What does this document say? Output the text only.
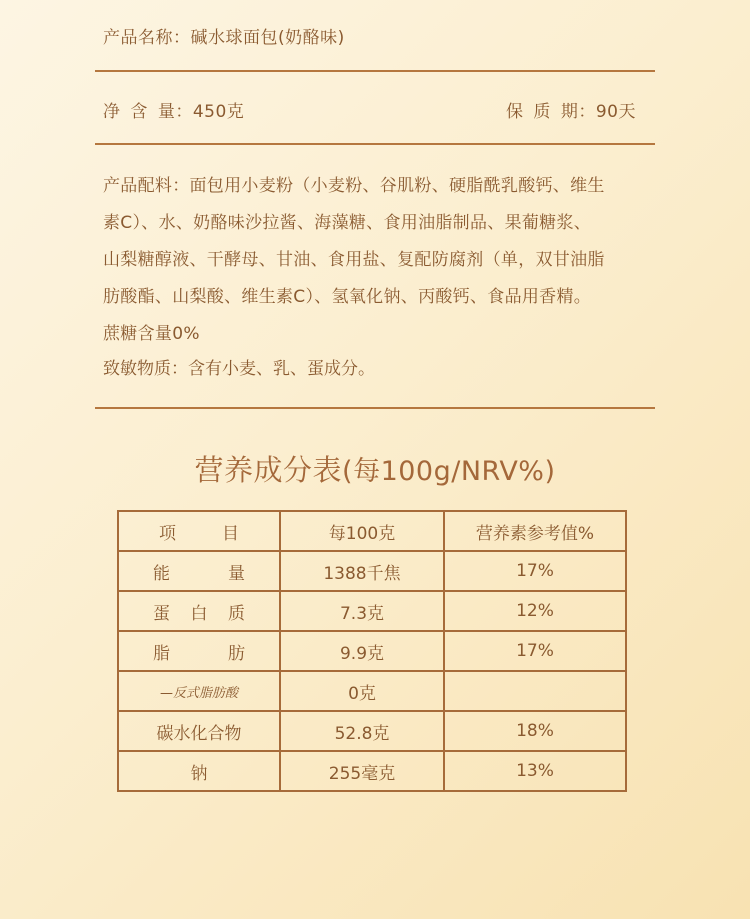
产品名称：碱水球面包(奶酪味)
净 含 量：450克	保 质 期：90天
产品配料：面包用小麦粉（小麦粉、谷肌粉、硬脂酰乳酸钙、维生
素C）、水、奶酪味沙拉酱、海藻糖、食用油脂制品、果葡糖浆、
山梨糖醇液、干酵母、甘油、食用盐、复配防腐剂（单，双甘油脂
肪酸酯、山梨酸、维生素C）、氢氧化钠、丙酸钙、食品用香精。
蔗糖含量0%
致敏物质：含有小麦、乳、蛋成分。
营养成分表(每100g/NRV%)
项 目	每100克	营养素参考值%

能 量	1388千焦	17%

蛋 白 质	7.3克	12%

脂 肪	9.9克	17%
—反式脂肪酸	0克	
碳水化合物	52.8克	18%
钠	255毫克	13%
